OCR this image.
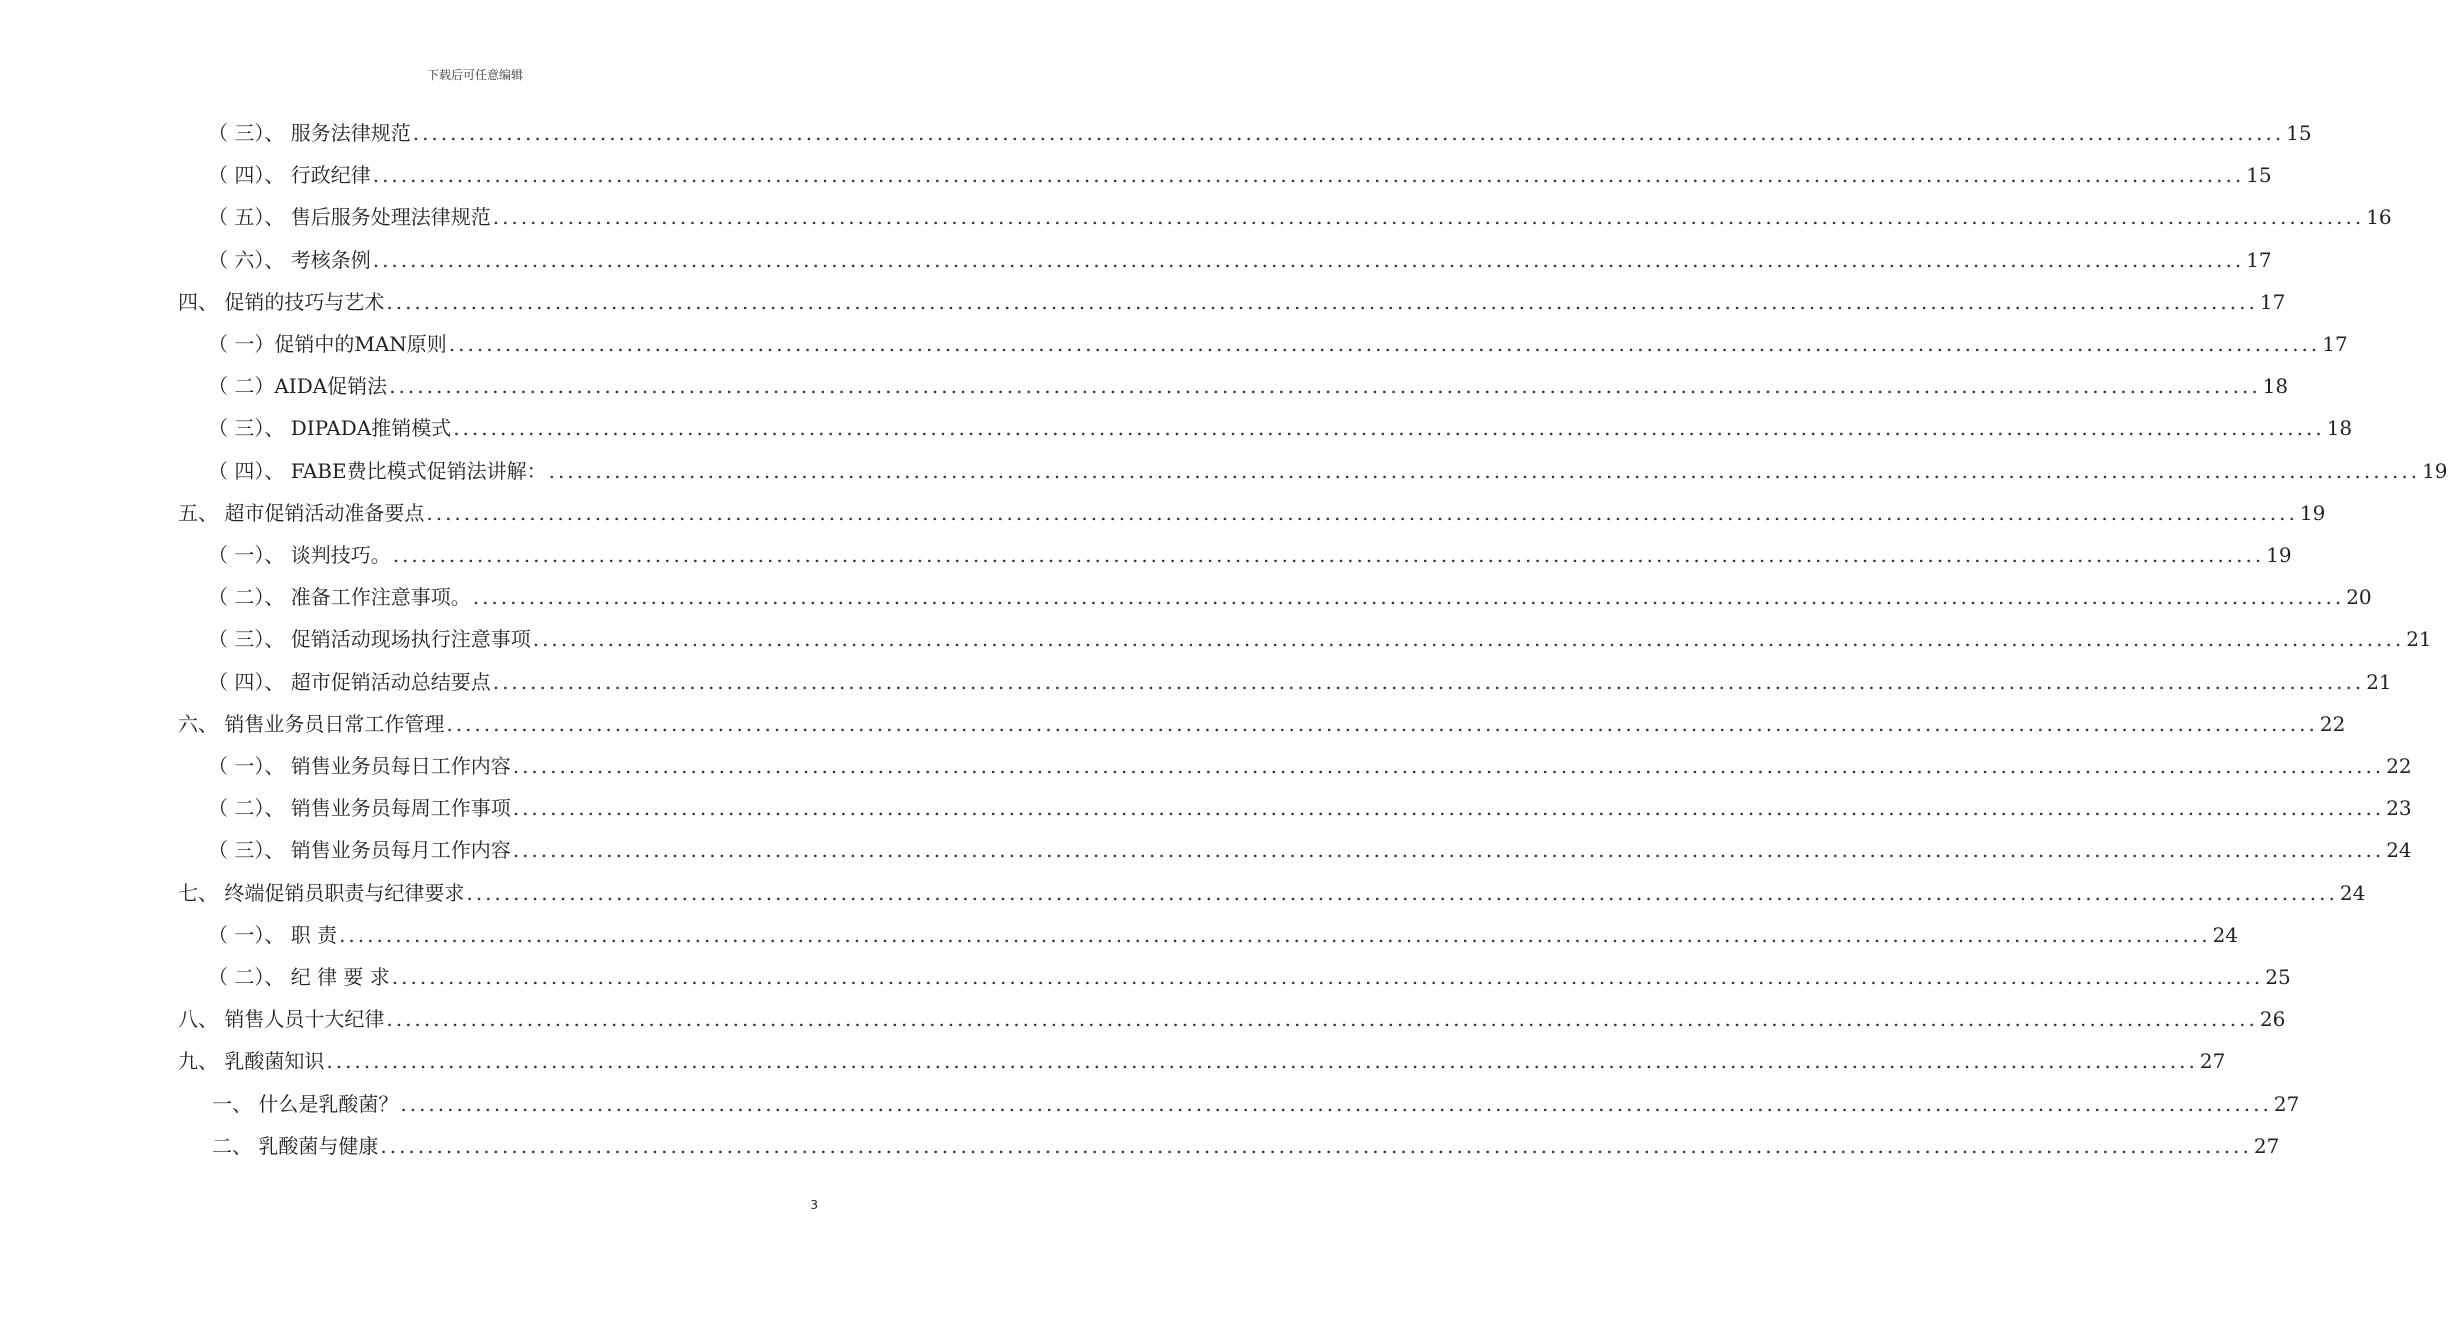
下载后可任意编辑
（ 三）、 服务法律规范 ........................................................................................................................................................................................................ 15
（ 四）、 行政纪律 ........................................................................................................................................................................................................ 15
（ 五）、 售后服务处理法律规范 ........................................................................................................................................................................................................ 16
（ 六）、 考核条例 ........................................................................................................................................................................................................ 17
四、 促销的技巧与艺术 ........................................................................................................................................................................................................ 17
（ 一）促销中的MAN原则 ........................................................................................................................................................................................................ 17
（ 二）AIDA促销法 ........................................................................................................................................................................................................ 18
（ 三）、 DIPADA推销模式 ........................................................................................................................................................................................................ 18
（ 四）、 FABE费比模式促销法讲解： ........................................................................................................................................................................................................ 19
五、 超市促销活动准备要点 ........................................................................................................................................................................................................ 19
（ 一）、 谈判技巧。 ........................................................................................................................................................................................................ 19
（ 二）、 准备工作注意事项。 ........................................................................................................................................................................................................ 20
（ 三）、 促销活动现场执行注意事项 ........................................................................................................................................................................................................ 21
（ 四）、 超市促销活动总结要点 ........................................................................................................................................................................................................ 21
六、 销售业务员日常工作管理 ........................................................................................................................................................................................................ 22
（ 一）、 销售业务员每日工作内容 ........................................................................................................................................................................................................ 22
（ 二）、 销售业务员每周工作事项 ........................................................................................................................................................................................................ 23
（ 三）、 销售业务员每月工作内容 ........................................................................................................................................................................................................ 24
七、 终端促销员职责与纪律要求 ........................................................................................................................................................................................................ 24
（ 一）、 职 责 ........................................................................................................................................................................................................ 24
（ 二）、 纪 律 要 求 ........................................................................................................................................................................................................ 25
八、 销售人员十大纪律 ........................................................................................................................................................................................................ 26
九、 乳酸菌知识 ........................................................................................................................................................................................................ 27
一、 什么是乳酸菌？ ........................................................................................................................................................................................................ 27
二、 乳酸菌与健康 ........................................................................................................................................................................................................ 27
3
